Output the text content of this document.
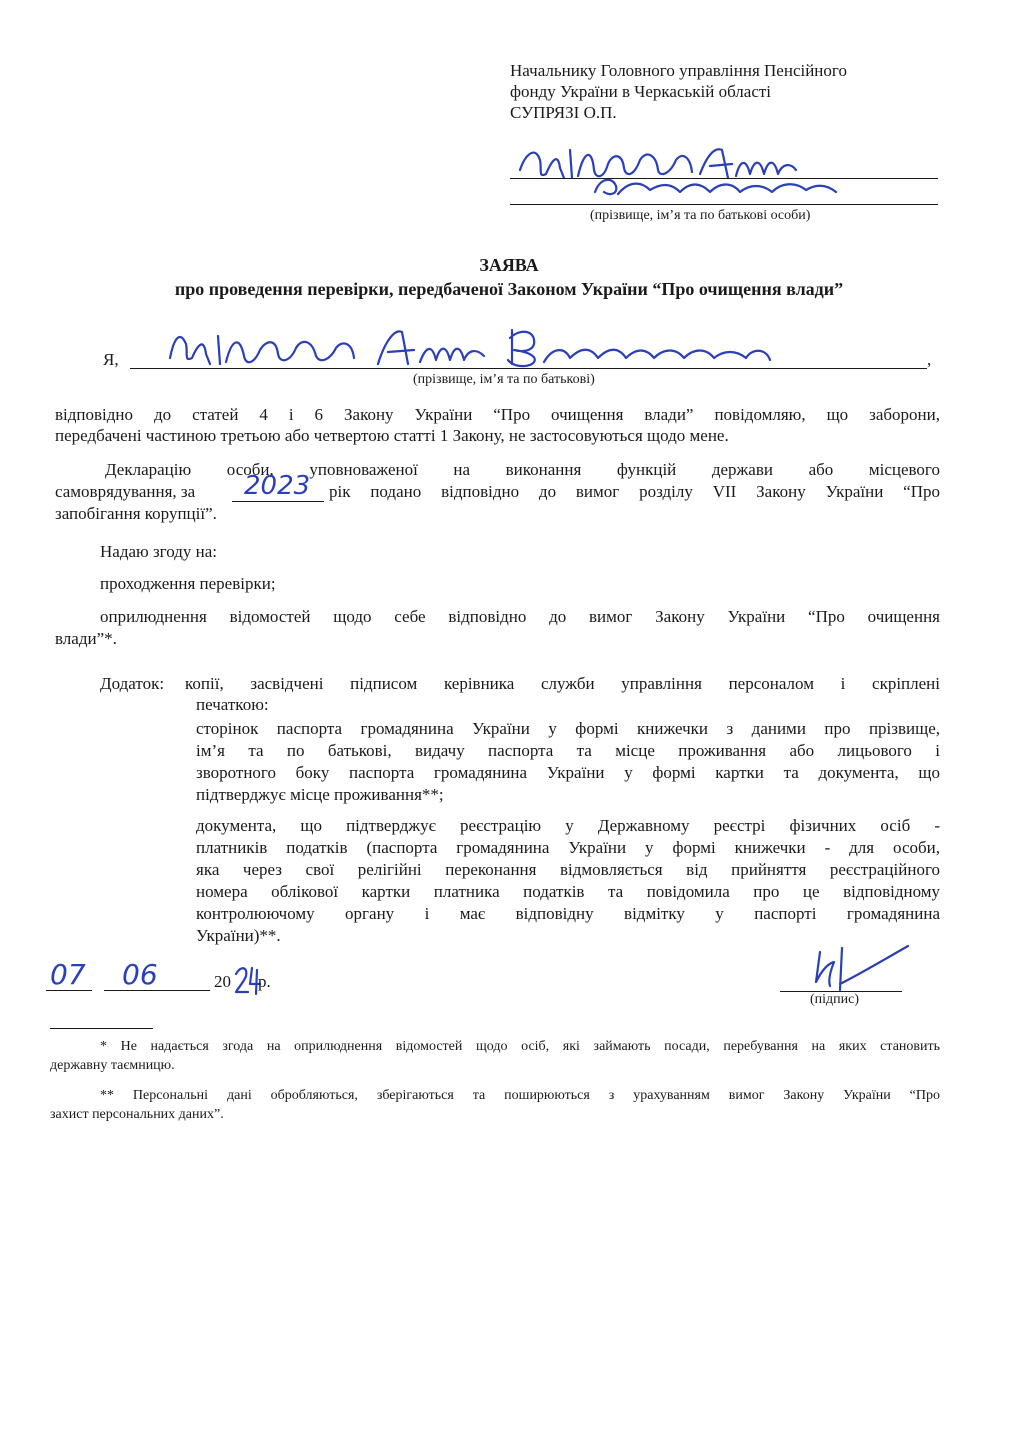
Начальнику Головного управління Пенсійного
фонду України в Черкаській області
СУПРЯЗІ О.П.
(прізвище, ім’я та по батькові особи)
ЗАЯВА
про проведення перевірки, передбаченої Законом України “Про очищення влади”
Я,	,
(прізвище, ім’я та по батькові)
відповідно до статей 4 і 6 Закону України “Про очищення влади” повідомляю, що заборони,
передбачені частиною третьою або четвертою статті 1 Закону, не застосовуються щодо мене.
Декларацію особи, уповноваженої на виконання функцій держави або місцевого
самоврядування, за 2023 рік подано відповідно до вимог розділу VII Закону України “Про
запобігання корупції”.
Надаю згоду на:
проходження перевірки;
оприлюднення відомостей щодо себе відповідно до вимог Закону України “Про очищення
влади”*.
Додаток: копії, засвідчені підписом керівника служби управління персоналом і скріплені
печаткою:
сторінок паспорта громадянина України у формі книжечки з даними про прізвище,
ім’я та по батькові, видачу паспорта та місце проживання або лицьового і
зворотного боку паспорта громадянина України у формі картки та документа, що
підтверджує місце проживання**;
документа, що підтверджує реєстрацію у Державному реєстрі фізичних осіб -
платників податків (паспорта громадянина України у формі книжечки - для особи,
яка через свої релігійні переконання відмовляється від прийняття реєстраційного
номера облікової картки платника податків та повідомила про це відповідному
контролюючому органу і має відповідну відмітку у паспорті громадянина
України)**.
07 06	20 р.
(підпис)
* Не надається згода на оприлюднення відомостей щодо осіб, які займають посади, перебування на яких становить
державну таємницю.
** Персональні дані обробляються, зберігаються та поширюються з урахуванням вимог Закону України “Про
захист персональних даних”.
